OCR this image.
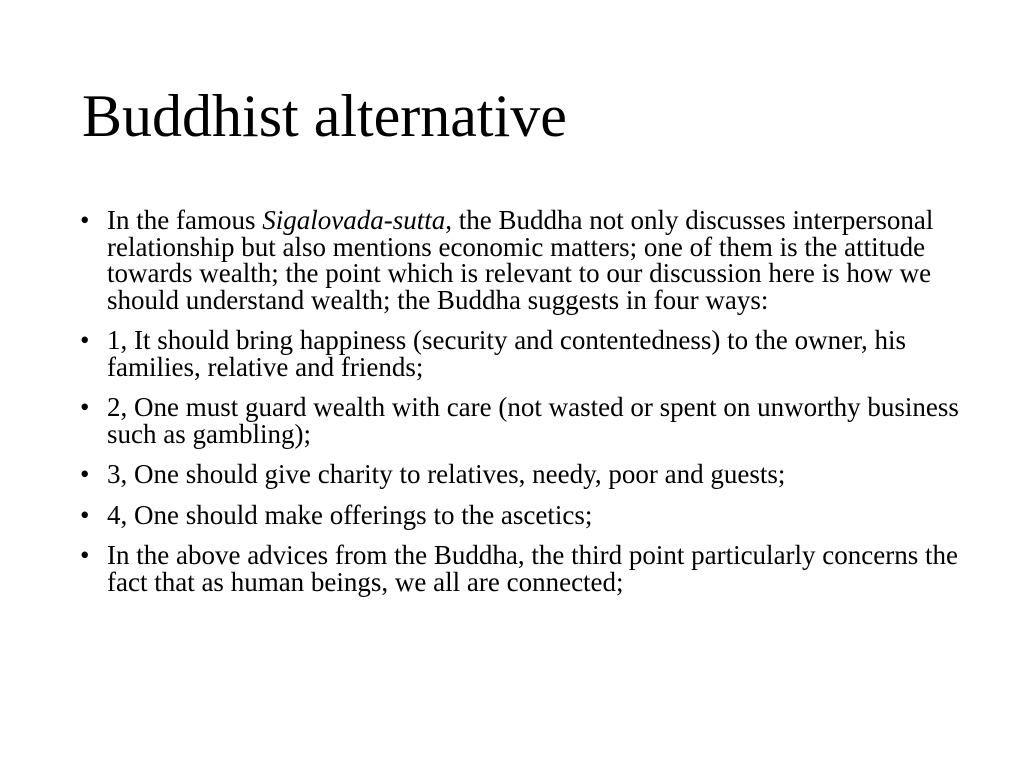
Buddhist alternative
• In the famous Sigalovada-sutta, the Buddha not only discusses interpersonal relationship but also mentions economic matters; one of them is the attitude towards wealth; the point which is relevant to our discussion here is how we should understand wealth; the Buddha suggests in four ways:
• 1, It should bring happiness (security and contentedness) to the owner, his families, relative and friends;
• 2, One must guard wealth with care (not wasted or spent on unworthy business such as gambling);
• 3, One should give charity to relatives, needy, poor and guests;
• 4, One should make offerings to the ascetics;
• In the above advices from the Buddha, the third point particularly concerns the fact that as human beings, we all are connected;
